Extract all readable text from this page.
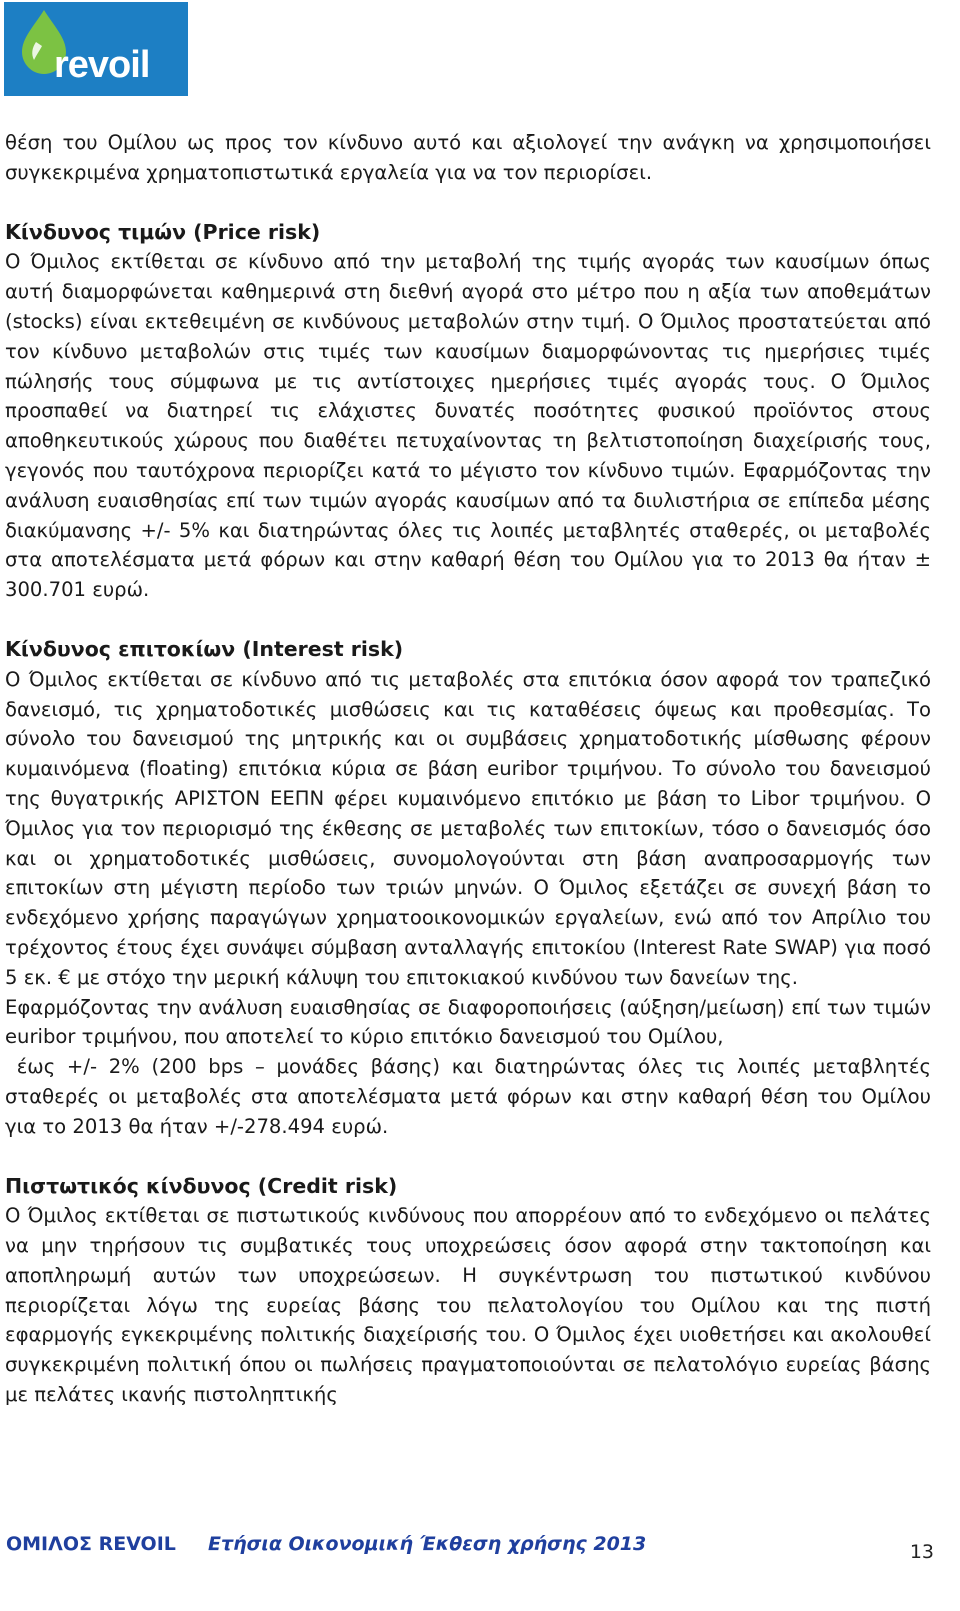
revoil

θέση του Ομίλου ως προς τον κίνδυνο αυτό και αξιολογεί την ανάγκη να χρησιμοποιήσει συγκεκριμένα χρηματοπιστωτικά εργαλεία για να τον περιορίσει.

Κίνδυνος τιμών (Price risk)

Ο Όμιλος εκτίθεται σε κίνδυνο από την μεταβολή της τιμής αγοράς των καυσίμων όπως αυτή διαμορφώνεται καθημερινά στη διεθνή αγορά στο μέτρο που η αξία των αποθεμάτων (stocks) είναι εκτεθειμένη σε κινδύνους μεταβολών στην τιμή. Ο Όμιλος προστατεύεται από τον κίνδυνο μεταβολών στις τιμές των καυσίμων διαμορφώνοντας τις ημερήσιες τιμές πώλησής τους σύμφωνα με τις αντίστοιχες ημερήσιες τιμές αγοράς τους. Ο Όμιλος προσπαθεί να διατηρεί τις ελάχιστες δυνατές ποσότητες φυσικού προϊόντος στους αποθηκευτικούς χώρους που διαθέτει πετυχαίνοντας τη βελτιστοποίηση διαχείρισής τους, γεγονός που ταυτόχρονα περιορίζει κατά το μέγιστο τον κίνδυνο τιμών. Εφαρμόζοντας την ανάλυση ευαισθησίας επί των τιμών αγοράς καυσίμων από τα διυλιστήρια σε επίπεδα μέσης διακύμανσης +/- 5% και διατηρώντας όλες τις λοιπές μεταβλητές σταθερές, οι μεταβολές στα αποτελέσματα μετά φόρων και στην καθαρή θέση του Ομίλου για το 2013 θα ήταν ± 300.701 ευρώ.

Κίνδυνος επιτοκίων (Interest risk)

Ο Όμιλος εκτίθεται σε κίνδυνο από τις μεταβολές στα επιτόκια όσον αφορά τον τραπεζικό δανεισμό, τις χρηματοδοτικές μισθώσεις και τις καταθέσεις όψεως και προθεσμίας. Το σύνολο του δανεισμού της μητρικής και οι συμβάσεις χρηματοδοτικής μίσθωσης φέρουν κυμαινόμενα (floating) επιτόκια κύρια σε βάση euribor τριμήνου. Το σύνολο του δανεισμού της θυγατρικής ΑΡΙΣΤΟΝ ΕΕΠΝ φέρει κυμαινόμενο επιτόκιο με βάση το Libor τριμήνου. Ο Όμιλος για τον περιορισμό της έκθεσης σε μεταβολές των επιτοκίων, τόσο ο δανεισμός όσο και οι χρηματοδοτικές μισθώσεις, συνομολογούνται στη βάση αναπροσαρμογής των επιτοκίων στη μέγιστη περίοδο των τριών μηνών. Ο Όμιλος εξετάζει σε συνεχή βάση το ενδεχόμενο χρήσης παραγώγων χρηματοοικονομικών εργαλείων, ενώ από τον Απρίλιο του τρέχοντος έτους έχει συνάψει σύμβαση ανταλλαγής επιτοκίου (Interest Rate SWAP) για ποσό 5 εκ. € με στόχο την μερική κάλυψη του επιτοκιακού κινδύνου των δανείων της.

Εφαρμόζοντας την ανάλυση ευαισθησίας σε διαφοροποιήσεις (αύξηση/μείωση) επί των τιμών euribor τριμήνου, που αποτελεί το κύριο επιτόκιο δανεισμού του Ομίλου,

έως +/- 2% (200 bps – μονάδες βάσης) και διατηρώντας όλες τις λοιπές μεταβλητές σταθερές οι μεταβολές στα αποτελέσματα μετά φόρων και στην καθαρή θέση του Ομίλου για το 2013 θα ήταν +/-278.494 ευρώ.

Πιστωτικός κίνδυνος (Credit risk)

Ο Όμιλος εκτίθεται σε πιστωτικούς κινδύνους που απορρέουν από το ενδεχόμενο οι πελάτες να μην τηρήσουν τις συμβατικές τους υποχρεώσεις όσον αφορά στην τακτοποίηση και αποπληρωμή αυτών των υποχρεώσεων. Η συγκέντρωση του πιστωτικού κινδύνου περιορίζεται λόγω της ευρείας βάσης του πελατολογίου του Ομίλου και της πιστή εφαρμογής εγκεκριμένης πολιτικής διαχείρισής του. Ο Όμιλος έχει υιοθετήσει και ακολουθεί συγκεκριμένη πολιτική όπου οι πωλήσεις πραγματοποιούνται σε πελατολόγιο ευρείας βάσης με πελάτες ικανής πιστοληπτικής

ΟΜΙΛΟΣ REVOIL Ετήσια Οικονομική Έκθεση χρήσης 2013	13
